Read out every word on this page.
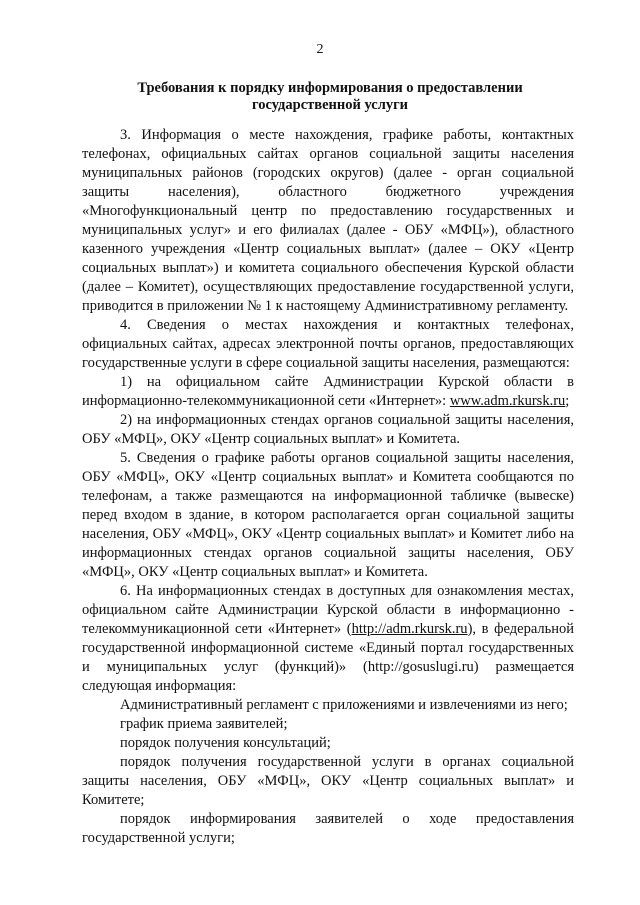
2
Требования к порядку информирования о предоставлении
государственной услуги

3. Информация о месте нахождения, графике работы, контактных телефонах, официальных сайтах органов социальной защиты населения муниципальных районов (городских округов) (далее - орган социальной защиты населения), областного бюджетного учреждения «Многофункциональный центр по предоставлению государственных и муниципальных услуг» и его филиалах (далее - ОБУ «МФЦ»), областного казенного учреждения «Центр социальных выплат» (далее – ОКУ «Центр социальных выплат») и комитета социального обеспечения Курской области (далее – Комитет), осуществляющих предоставление государственной услуги, приводится в приложении № 1 к настоящему Административному регламенту.

4. Сведения о местах нахождения и контактных телефонах, официальных сайтах, адресах электронной почты органов, предоставляющих государственные услуги в сфере социальной защиты населения, размещаются:

1) на официальном сайте Администрации Курской области в информационно-телекоммуникационной сети «Интернет»: www.adm.rkursk.ru;

2) на информационных стендах органов социальной защиты населения, ОБУ «МФЦ», ОКУ «Центр социальных выплат» и Комитета.

5. Сведения о графике работы органов социальной защиты населения, ОБУ «МФЦ», ОКУ «Центр социальных выплат» и Комитета сообщаются по телефонам, а также размещаются на информационной табличке (вывеске) перед входом в здание, в котором располагается орган социальной защиты населения, ОБУ «МФЦ», ОКУ «Центр социальных выплат» и Комитет либо на информационных стендах органов социальной защиты населения, ОБУ «МФЦ», ОКУ «Центр социальных выплат» и Комитета.

6. На информационных стендах в доступных для ознакомления местах, официальном сайте Администрации Курской области в информационно - телекоммуникационной сети «Интернет» (http://adm.rkursk.ru), в федеральной государственной информационной системе «Единый портал государственных и муниципальных услуг (функций)» (http://gosuslugi.ru) размещается следующая информация:

Административный регламент с приложениями и извлечениями из него;

график приема заявителей;

порядок получения консультаций;

порядок получения государственной услуги в органах социальной защиты населения, ОБУ «МФЦ», ОКУ «Центр социальных выплат» и Комитете;

порядок информирования заявителей о ходе предоставления государственной услуги;
